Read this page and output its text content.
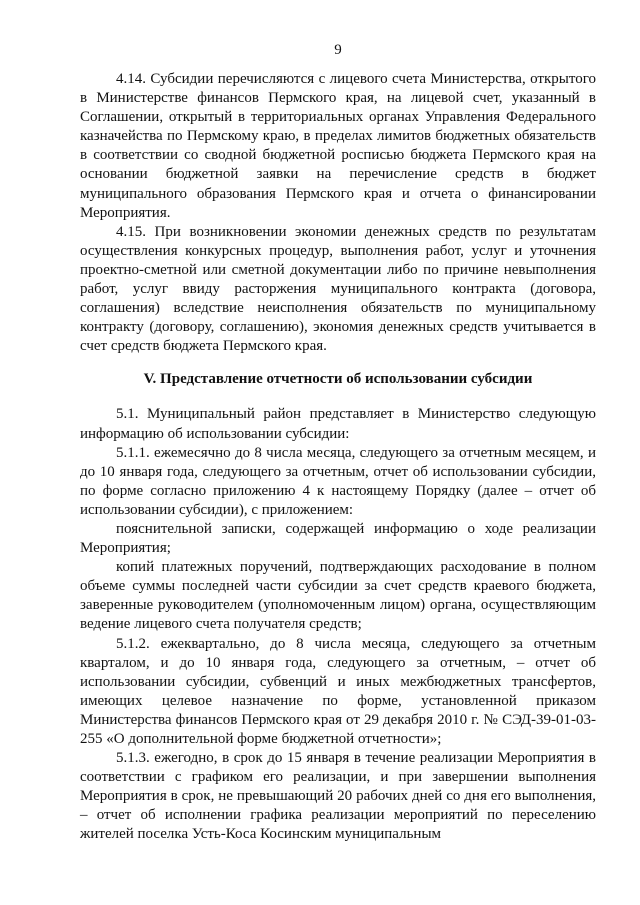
9

4.14. Субсидии перечисляются с лицевого счета Министерства, открытого в Министерстве финансов Пермского края, на лицевой счет, указанный в Соглашении, открытый в территориальных органах Управления Федерального казначейства по Пермскому краю, в пределах лимитов бюджетных обязательств в соответствии со сводной бюджетной росписью бюджета Пермского края на основании бюджетной заявки на перечисление средств в бюджет муниципального образования Пермского края и отчета о финансировании Мероприятия.

4.15. При возникновении экономии денежных средств по результатам осуществления конкурсных процедур, выполнения работ, услуг и уточнения проектно-сметной или сметной документации либо по причине невыполнения работ, услуг ввиду расторжения муниципального контракта (договора, соглашения) вследствие неисполнения обязательств по муниципальному контракту (договору, соглашению), экономия денежных средств учитывается в счет средств бюджета Пермского края.

V. Представление отчетности об использовании субсидии

5.1. Муниципальный район представляет в Министерство следующую информацию об использовании субсидии:

5.1.1. ежемесячно до 8 числа месяца, следующего за отчетным месяцем, и до 10 января года, следующего за отчетным, отчет об использовании субсидии, по форме согласно приложению 4 к настоящему Порядку (далее – отчет об использовании субсидии), с приложением:

пояснительной записки, содержащей информацию о ходе реализации Мероприятия;

копий платежных поручений, подтверждающих расходование в полном объеме суммы последней части субсидии за счет средств краевого бюджета, заверенные руководителем (уполномоченным лицом) органа, осуществляющим ведение лицевого счета получателя средств;

5.1.2. ежеквартально, до 8 числа месяца, следующего за отчетным кварталом, и до 10 января года, следующего за отчетным, – отчет об использовании субсидии, субвенций и иных межбюджетных трансфертов, имеющих целевое назначение по форме, установленной приказом Министерства финансов Пермского края от 29 декабря 2010 г. № СЭД-39-01-03-255 «О дополнительной форме бюджетной отчетности»;

5.1.3. ежегодно, в срок до 15 января в течение реализации Мероприятия в соответствии с графиком его реализации, и при завершении выполнения Мероприятия в срок, не превышающий 20 рабочих дней со дня его выполнения, – отчет об исполнении графика реализации мероприятий по переселению жителей поселка Усть-Коса Косинским муниципальным
